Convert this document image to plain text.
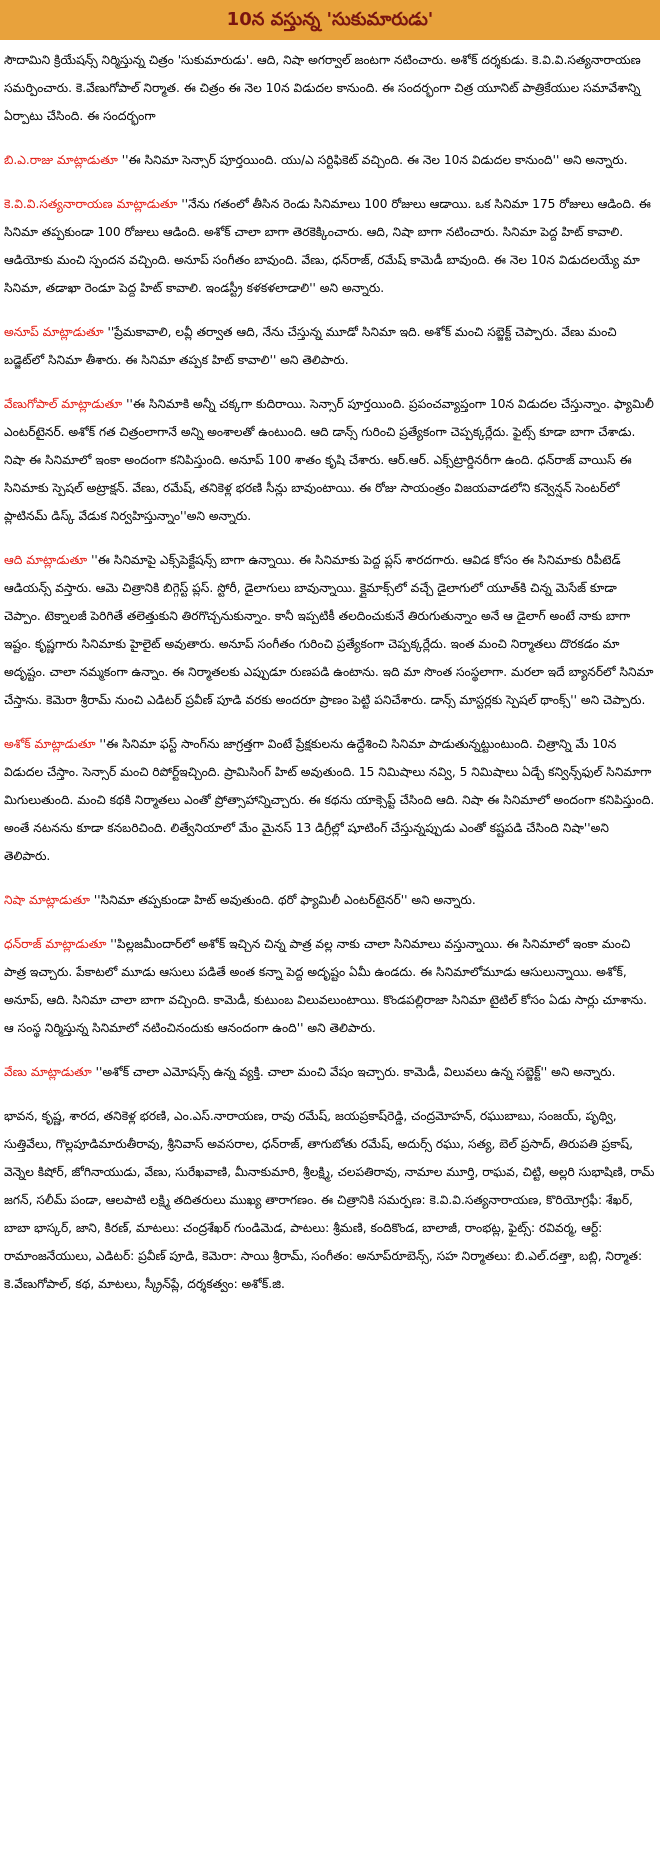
10న వస్తున్న 'సుకుమారుడు'

సౌదామిని క్రియేషన్స్ నిర్మిస్తున్న చిత్రం 'సుకుమారుడు'. ఆది, నిషా అగర్వాల్ జంటగా నటించారు. అశోక్ దర్శకుడు. కె.వి.వి.సత్యనారాయణ సమర్పించారు. కె.వేణుగోపాల్ నిర్మాత. ఈ చిత్రం ఈ నెల 10న విడుదల కానుంది. ఈ సందర్భంగా చిత్ర యూనిట్ పాత్రికేయుల సమావేశాన్ని ఏర్పాటు చేసింది. ఈ సందర్భంగా

బి.ఎ.రాజు మాట్లాడుతూ ''ఈ సినిమా సెన్సార్ పూర్తయింది. యు/ఎ సర్టిఫికెట్ వచ్చింది. ఈ నెల 10న విడుదల కానుంది'' అని అన్నారు.

కె.వి.వి.సత్యనారాయణ మాట్లాడుతూ ''నేను గతంలో తీసిన రెండు సినిమాలు 100 రోజులు ఆడాయి. ఒక సినిమా 175 రోజులు ఆడింది. ఈ సినిమా తప్పకుండా 100 రోజులు ఆడింది. అశోక్ చాలా బాగా తెరకెక్కించారు. ఆది, నిషా బాగా నటించారు. సినిమా పెద్ద హిట్ కావాలి. ఆడియోకు మంచి స్పందన వచ్చింది. అనూప్ సంగీతం బావుంది. వేణు, ధన్‌రాజ్, రమేష్ కామెడీ బావుంది. ఈ నెల 10న విడుదలయ్యే మా సినిమా, తడాఖా రెండూ పెద్ద హిట్ కావాలి. ఇండస్ట్రీ కళకళలాడాలి'' అని అన్నారు.

అనూప్ మాట్లాడుతూ ''ప్రేమకావాలి, లవ్లీ తర్వాత ఆది, నేను చేస్తున్న మూడో సినిమా ఇది. అశోక్ మంచి సబ్జెక్ట్ చెప్పారు. వేణు మంచి బడ్జెట్‌లో సినిమా తీశారు. ఈ సినిమా తప్పక హిట్ కావాలి'' అని తెలిపారు.

వేణుగోపాల్ మాట్లాడుతూ ''ఈ సినిమాకి అన్నీ చక్కగా కుదిరాయి. సెన్సార్ పూర్తయింది. ప్రపంచవ్యాప్తంగా 10న విడుదల చేస్తున్నాం. ఫ్యామిలీ ఎంటర్‌టైనర్. అశోక్ గత చిత్రంలాగానే అన్ని అంశాలతో ఉంటుంది. ఆది డాన్స్ గురించి ప్రత్యేకంగా చెప్పక్కర్లేదు. ఫైట్స్ కూడా బాగా చేశాడు. నిషా ఈ సినిమాలో ఇంకా అందంగా కనిపిస్తుంది. అనూప్ 100 శాతం కృషి చేశారు. ఆర్.ఆర్. ఎక్స్‌ట్రార్డినరీగా ఉంది. ధన్‌రాజ్ వాయిస్ ఈ సినిమాకు స్పెషల్ అట్రాక్షన్. వేణు, రమేష్, తనికెళ్ల భరణి సీన్లు బావుంటాయి. ఈ రోజు సాయంత్రం విజయవాడలోని కన్వెన్షన్ సెంటర్‌లో ప్లాటినమ్ డిస్క్ వేడుక నిర్వహిస్తున్నాం''అని అన్నారు.

ఆది మాట్లాడుతూ ''ఈ సినిమాపై ఎక్స్‌పెక్టేషన్స్ బాగా ఉన్నాయి. ఈ సినిమాకు పెద్ద ప్లస్ శారదగారు. ఆవిడ కోసం ఈ సినిమాకు రిపీటెడ్ ఆడియన్స్ వస్తారు. ఆమె చిత్రానికి బిగ్గెస్ట్ ప్లస్. స్టోరీ, డైలాగులు బావున్నాయి. క్లైమాక్స్‌లో వచ్చే డైలాగులో యూత్‌కి చిన్న మెసేజ్ కూడా చెప్పాం. టెక్నాలజీ పెరిగితే తలెత్తుకుని తిరగొచ్చనుకున్నాం. కానీ ఇప్పటికీ తలదించుకునే తిరుగుతున్నాం అనే ఆ డైలాగ్ అంటే నాకు బాగా ఇష్టం. కృష్ణగారు సినిమాకు హైలైట్ అవుతారు. అనూప్ సంగీతం గురించి ప్రత్యేకంగా చెప్పక్కర్లేదు. ఇంత మంచి నిర్మాతలు దొరకడం మా అదృష్టం. చాలా నమ్మకంగా ఉన్నాం. ఈ నిర్మాతలకు ఎప్పుడూ రుణపడి ఉంటాను. ఇది మా సొంత సంస్థలాగా. మరలా ఇదే బ్యానర్‌లో సినిమా చేస్తాను. కెమెరా శ్రీరామ్ నుంచి ఎడిటర్ ప్రవీణ్ పూడి వరకు అందరూ ప్రాణం పెట్టి పనిచేశారు. డాన్స్ మాస్టర్లకు స్పెషల్ థాంక్స్'' అని చెప్పారు.

అశోక్ మాట్లాడుతూ ''ఈ సినిమా ఫస్ట్ సాంగ్‌ను జాగ్రత్తగా వింటే ప్రేక్షకులను ఉద్దేశించి సినిమా పాడుతున్నట్టుంటుంది. చిత్రాన్ని మే 10న విడుదల చేస్తాం. సెన్సార్ మంచి రిపోర్ట్ఇచ్చింది. ప్రామిసింగ్ హిట్ అవుతుంది. 15 నిమిషాలు నవ్వి, 5 నిమిషాలు ఏడ్చే కన్విన్స్‌ఫుల్ సినిమాగా మిగులుతుంది. మంచి కథకి నిర్మాతలు ఎంతో ప్రోత్సాహాన్నిచ్చారు. ఈ కథను యాక్సెప్ట్ చేసింది ఆది. నిషా ఈ సినిమాలో అందంగా కనిపిస్తుంది. అంతే నటనను కూడా కనబరిచింది. లిత్వేనియాలో మేం మైనస్ 13 డిగ్రీల్లో షూటింగ్ చేస్తున్నప్పుడు ఎంతో కష్టపడి చేసింది నిషా''అని తెలిపారు.

నిషా మాట్లాడుతూ ''సినిమా తప్పకుండా హిట్ అవుతుంది. థరో ఫ్యామిలీ ఎంటర్‌టైనర్'' అని అన్నారు.

ధన్‌రాజ్ మాట్లాడుతూ ''పిల్లజమీందార్‌లో అశోక్ ఇచ్చిన చిన్న పాత్ర వల్ల నాకు చాలా సినిమాలు వస్తున్నాయి. ఈ సినిమాలో ఇంకా మంచి పాత్ర ఇచ్చారు. పేకాటలో మూడు ఆసులు పడితే అంత కన్నా పెద్ద అదృష్టం ఏమీ ఉండదు. ఈ సినిమాలోమూడు ఆసులున్నాయి. అశోక్, అనూప్, ఆది. సినిమా చాలా బాగా వచ్చింది. కామెడీ, కుటుంబ విలువలుంటాయి. కొండపల్లిరాజా సినిమా టైటిల్ కోసం ఏడు సార్లు చూశాను. ఆ సంస్థ నిర్మిస్తున్న సినిమాలో నటించినందుకు ఆనందంగా ఉంది'' అని తెలిపారు.

వేణు మాట్లాడుతూ ''అశోక్ చాలా ఎమోషన్స్ ఉన్న వ్యక్తి. చాలా మంచి వేషం ఇచ్చారు. కామెడీ, విలువలు ఉన్న సబ్జెక్ట్'' అని అన్నారు.

భావన, కృష్ణ, శారద, తనికెళ్ల భరణి, ఎం.ఎస్.నారాయణ, రావు రమేష్, జయప్రకాష్‌రెడ్డి, చంద్రమోహన్, రఘుబాబు, సంజయ్, పృథ్వి, సుత్తివేలు, గొల్లపూడిమారుతీరావు, శ్రీనివాస్ అవసరాల, ధన్‌రాజ్, తాగుబోతు రమేష్, అదుర్స్ రఘు, సత్య, బెల్ ప్రసాద్, తిరుపతి ప్రకాష్, వెన్నెల కిషోర్, జోగినాయుడు, వేణు, సురేఖవాణి, మీనాకుమారి, శ్రీలక్ష్మి, చలపతిరావు, నామాల మూర్తి, రాఘవ, చిట్టి, అల్లరి సుభాషిణి, రామ్ జగన్, సలీమ్ పండా, ఆలపాటి లక్ష్మి తదితరులు ముఖ్య తారాగణం. ఈ చిత్రానికి సమర్పణ: కె.వి.వి.సత్యనారాయణ, కొరియోగ్రఫీ: శేఖర్, బాబా భాస్కర్, జాని, కిరణ్, మాటలు: చంద్రశేఖర్ గుండిమెడ, పాటలు: శ్రీమణి, కందికొండ, బాలాజీ, రాంభట్ల, ఫైట్స్: రవివర్మ, ఆర్ట్: రామాంజనేయులు, ఎడిటర్: ప్రవీణ్ పూడి, కెమెరా: సాయి శ్రీరామ్, సంగీతం: అనూప్‌రూబెన్స్, సహ నిర్మాతలు: బి.ఎల్.దత్తా, బబ్లి, నిర్మాత: కె.వేణుగోపాల్, కథ, మాటలు, స్క్రీన్‌ప్లే, దర్శకత్వం: అశోక్.జి.
